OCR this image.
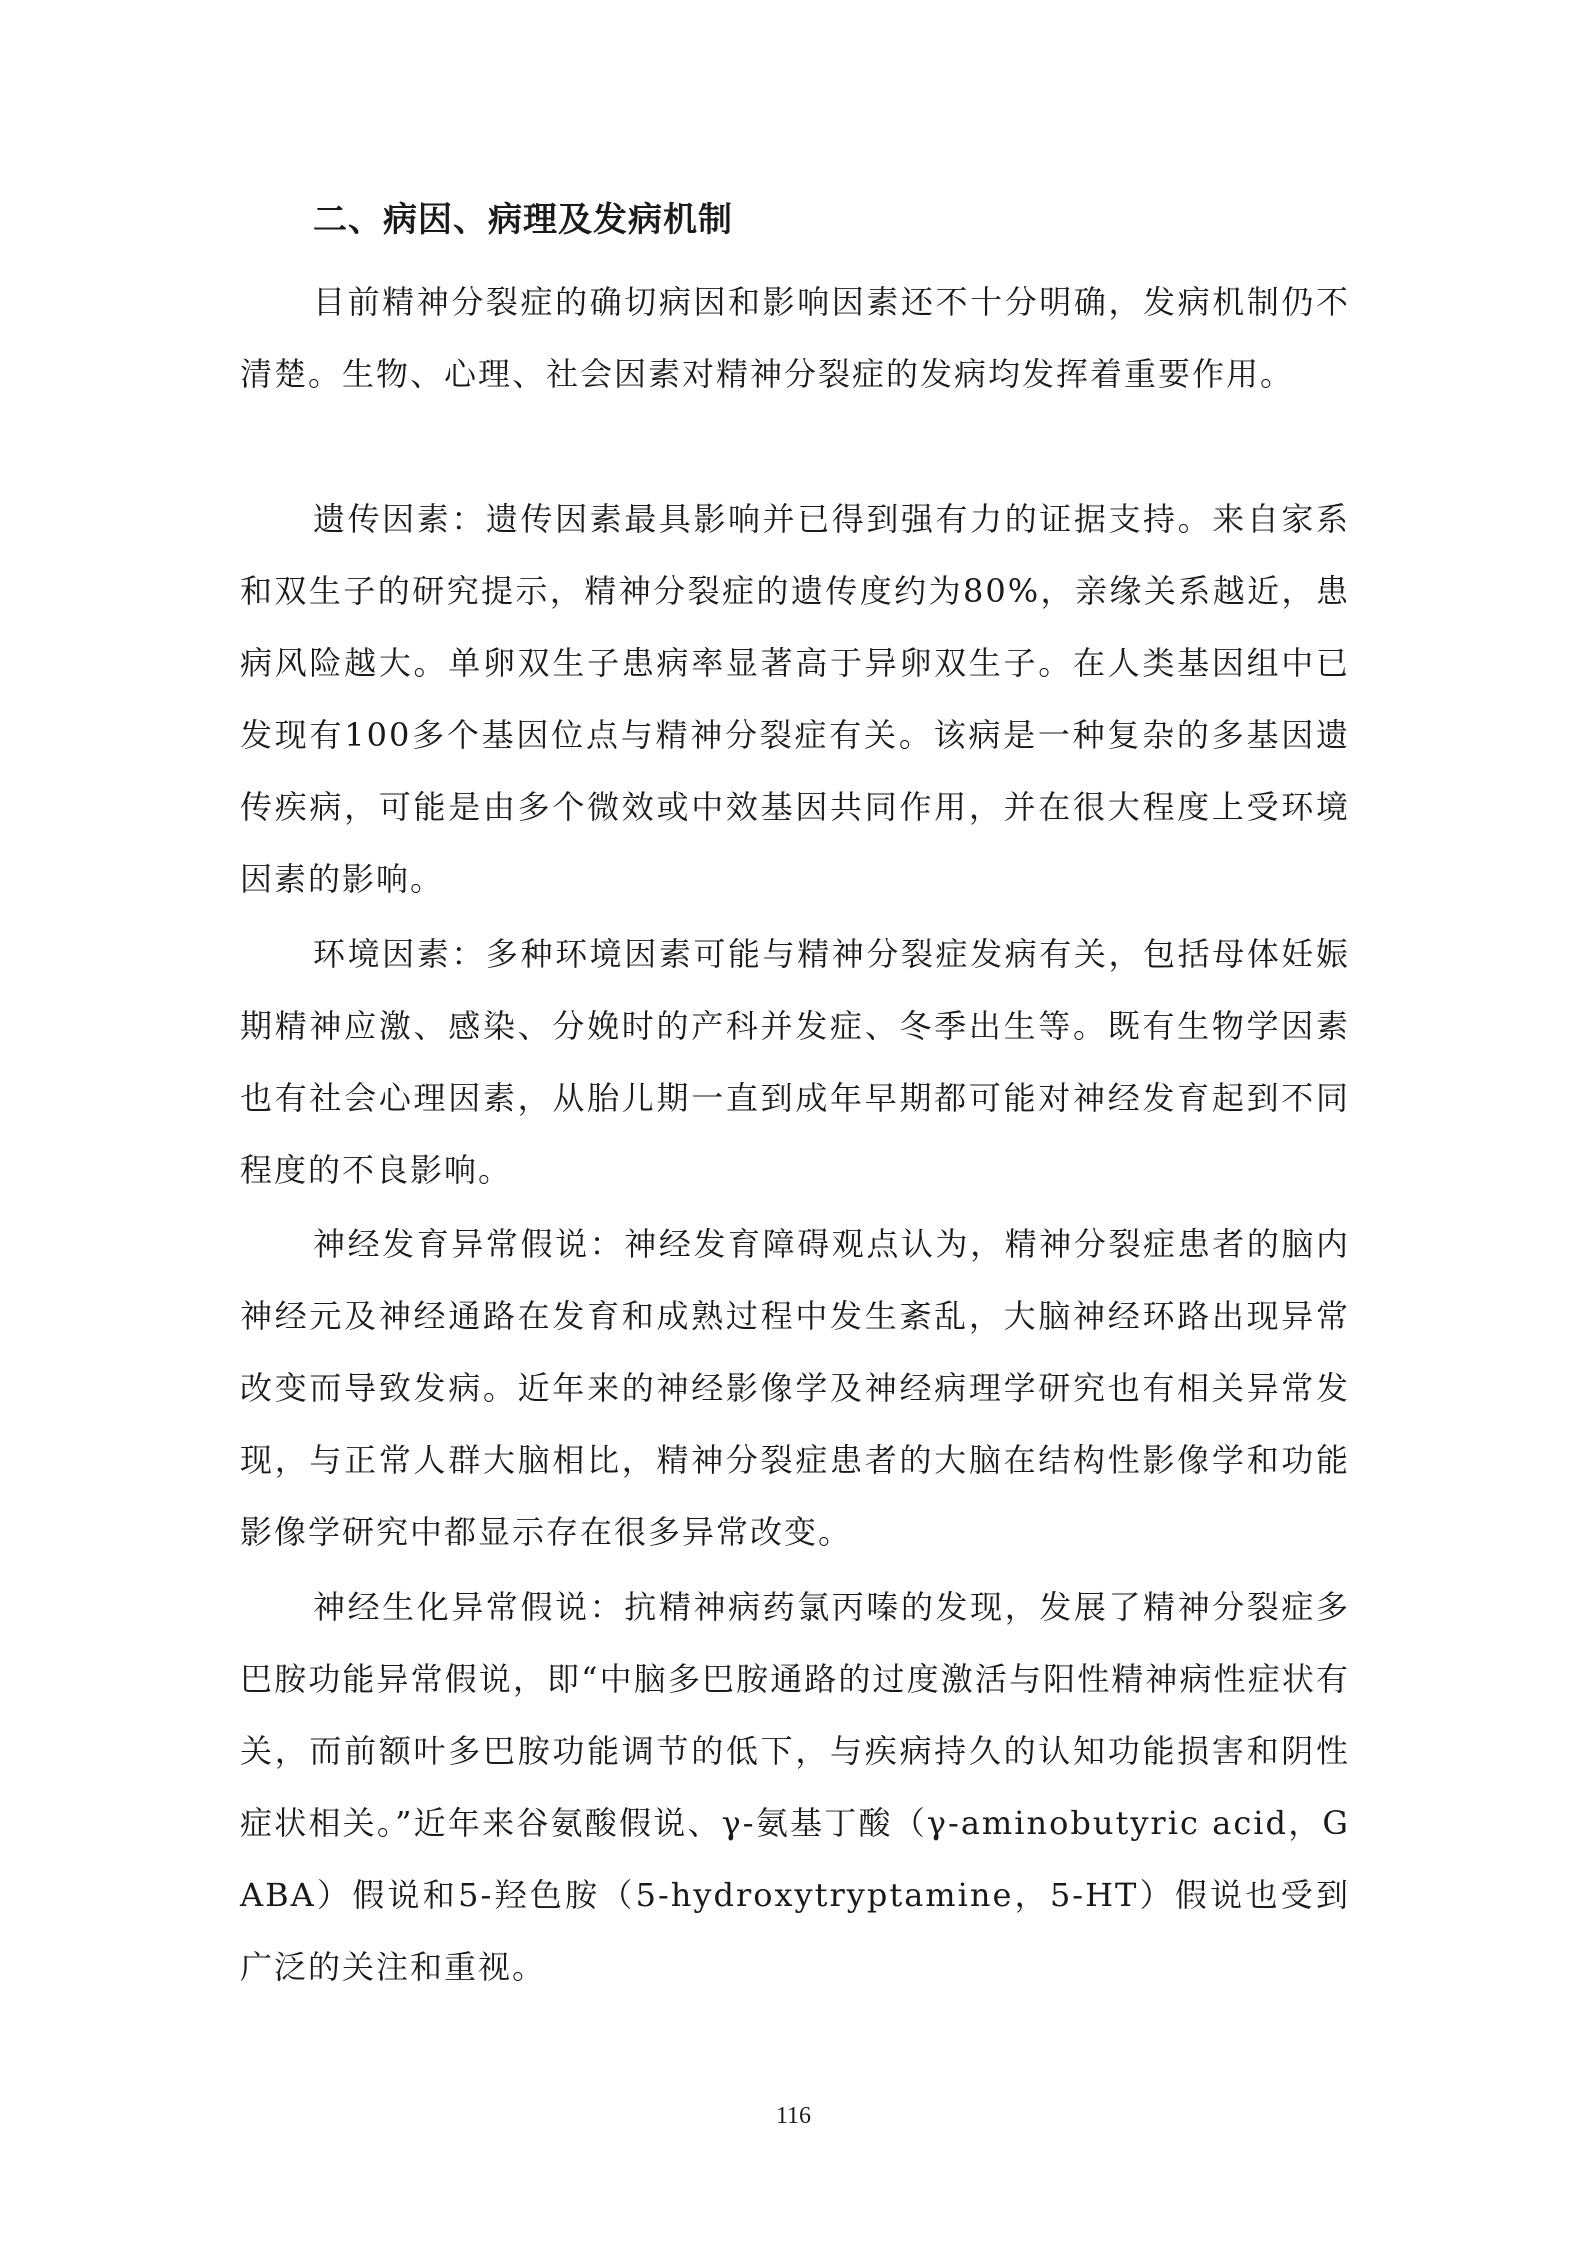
二、病因、病理及发病机制

目前精神分裂症的确切病因和影响因素还不十分明确，发病机制仍不清楚。生物、心理、社会因素对精神分裂症的发病均发挥着重要作用。

遗传因素：遗传因素最具影响并已得到强有力的证据支持。来自家系和双生子的研究提示，精神分裂症的遗传度约为80%，亲缘关系越近，患病风险越大。单卵双生子患病率显著高于异卵双生子。在人类基因组中已发现有100多个基因位点与精神分裂症有关。该病是一种复杂的多基因遗传疾病，可能是由多个微效或中效基因共同作用，并在很大程度上受环境因素的影响。

环境因素：多种环境因素可能与精神分裂症发病有关，包括母体妊娠期精神应激、感染、分娩时的产科并发症、冬季出生等。既有生物学因素也有社会心理因素，从胎儿期一直到成年早期都可能对神经发育起到不同程度的不良影响。

神经发育异常假说：神经发育障碍观点认为，精神分裂症患者的脑内神经元及神经通路在发育和成熟过程中发生紊乱，大脑神经环路出现异常改变而导致发病。近年来的神经影像学及神经病理学研究也有相关异常发现，与正常人群大脑相比，精神分裂症患者的大脑在结构性影像学和功能影像学研究中都显示存在很多异常改变。

神经生化异常假说：抗精神病药氯丙嗪的发现，发展了精神分裂症多巴胺功能异常假说，即“中脑多巴胺通路的过度激活与阳性精神病性症状有关，而前额叶多巴胺功能调节的低下，与疾病持久的认知功能损害和阴性症状相关。”近年来谷氨酸假说、γ-氨基丁酸（γ-aminobutyric acid，GABA）假说和5-羟色胺（5-hydroxytryptamine，5-HT）假说也受到广泛的关注和重视。

116
